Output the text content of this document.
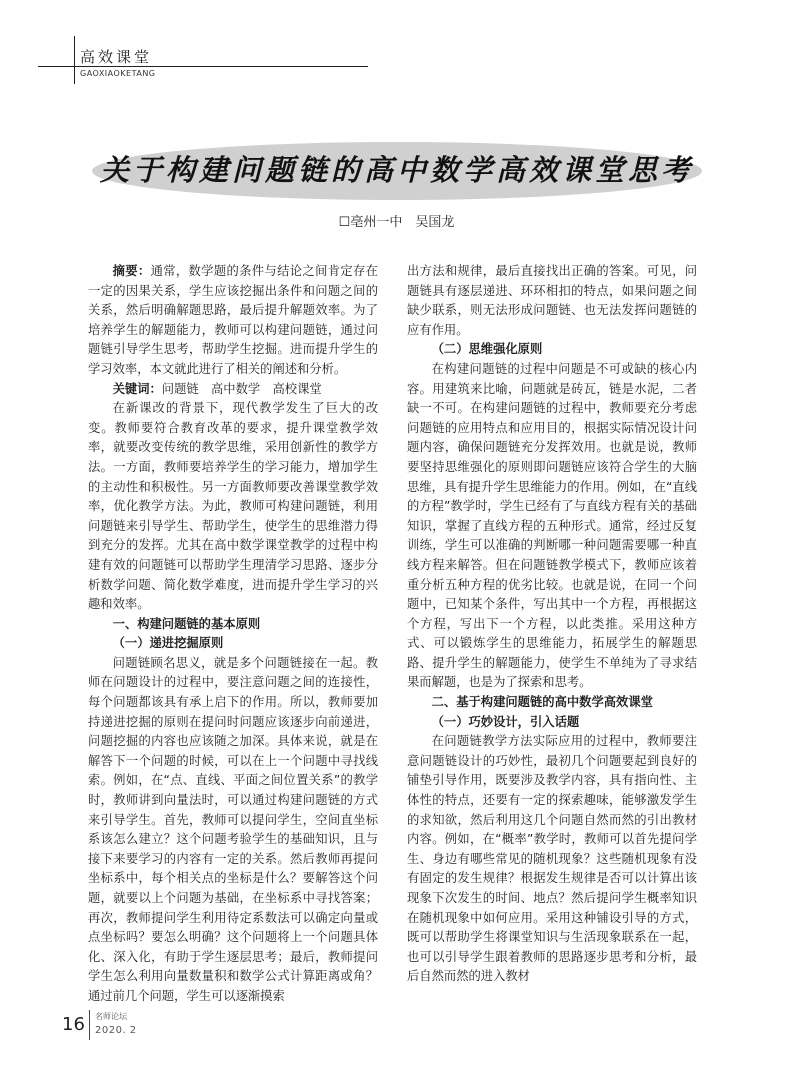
高效课堂
GAOXIAOKETANG
关于构建问题链的高中数学高效课堂思考
☐亳州一中　吴国龙

摘要：通常，数学题的条件与结论之间肯定存在一定的因果关系，学生应该挖掘出条件和问题之间的关系，然后明确解题思路，最后提升解题效率。为了培养学生的解题能力，教师可以构建问题链，通过问题链引导学生思考，帮助学生挖掘。进而提升学生的学习效率，本文就此进行了相关的阐述和分析。

关键词：问题链　高中数学　高校课堂

在新课改的背景下，现代教学发生了巨大的改变。教师要符合教育改革的要求，提升课堂教学效率，就要改变传统的教学思维，采用创新性的教学方法。一方面，教师要培养学生的学习能力，增加学生的主动性和积极性。另一方面教师要改善课堂教学效率，优化教学方法。为此，教师可构建问题链，利用问题链来引导学生、帮助学生，使学生的思维潜力得到充分的发挥。尤其在高中数学课堂教学的过程中构建有效的问题链可以帮助学生理清学习思路、逐步分析数学问题、简化数学难度，进而提升学生学习的兴趣和效率。

一、构建问题链的基本原则
（一）递进挖掘原则

问题链顾名思义，就是多个问题链接在一起。教师在问题设计的过程中，要注意问题之间的连接性，每个问题都该具有承上启下的作用。所以，教师要加持递进挖掘的原则在提问时问题应该逐步向前递进，问题挖掘的内容也应该随之加深。具体来说，就是在解答下一个问题的时候，可以在上一个问题中寻找线索。例如，在“点、直线、平面之间位置关系”的教学时，教师讲到向量法时，可以通过构建问题链的方式来引导学生。首先，教师可以提问学生，空间直坐标系该怎么建立？这个问题考验学生的基础知识，且与接下来要学习的内容有一定的关系。然后教师再提问坐标系中，每个相关点的坐标是什么？要解答这个问题，就要以上个问题为基础，在坐标系中寻找答案；再次，教师提问学生利用待定系数法可以确定向量或点坐标吗？要怎么明确？这个问题将上一个问题具体化、深入化，有助于学生逐层思考；最后，教师提问学生怎么利用向量数量积和数学公式计算距离或角？通过前几个问题，学生可以逐渐摸索

出方法和规律，最后直接找出正确的答案。可见，问题链具有逐层递进、环环相扣的特点，如果问题之间缺少联系，则无法形成问题链、也无法发挥问题链的应有作用。

（二）思维强化原则

在构建问题链的过程中问题是不可或缺的核心内容。用建筑来比喻，问题就是砖瓦，链是水泥，二者缺一不可。在构建问题链的过程中，教师要充分考虑问题链的应用特点和应用目的，根据实际情况设计问题内容，确保问题链充分发挥效用。也就是说，教师要坚持思维强化的原则即问题链应该符合学生的大脑思维，具有提升学生思维能力的作用。例如，在“直线的方程”教学时，学生已经有了与直线方程有关的基础知识，掌握了直线方程的五种形式。通常，经过反复训练，学生可以准确的判断哪一种问题需要哪一种直线方程来解答。但在问题链教学模式下，教师应该着重分析五种方程的优劣比较。也就是说，在同一个问题中，已知某个条件，写出其中一个方程，再根据这个方程，写出下一个方程，以此类推。采用这种方式、可以锻炼学生的思维能力，拓展学生的解题思路、提升学生的解题能力，使学生不单纯为了寻求结果而解题，也是为了探索和思考。

二、基于构建问题链的高中数学高效课堂
（一）巧妙设计，引入话题

在问题链教学方法实际应用的过程中，教师要注意问题链设计的巧妙性，最初几个问题要起到良好的铺垫引导作用，既要涉及教学内容，具有指向性、主体性的特点，还要有一定的探索趣味，能够激发学生的求知欲，然后利用这几个问题自然而然的引出教材内容。例如，在“概率”教学时，教师可以首先提问学生、身边有哪些常见的随机现象？这些随机现象有没有固定的发生规律？根据发生规律是否可以计算出该现象下次发生的时间、地点？然后提问学生概率知识在随机现象中如何应用。采用这种铺设引导的方式，既可以帮助学生将课堂知识与生活现象联系在一起，也可以引导学生跟着教师的思路逐步思考和分析，最后自然而然的进入教材

16 名师论坛
2020. 2
